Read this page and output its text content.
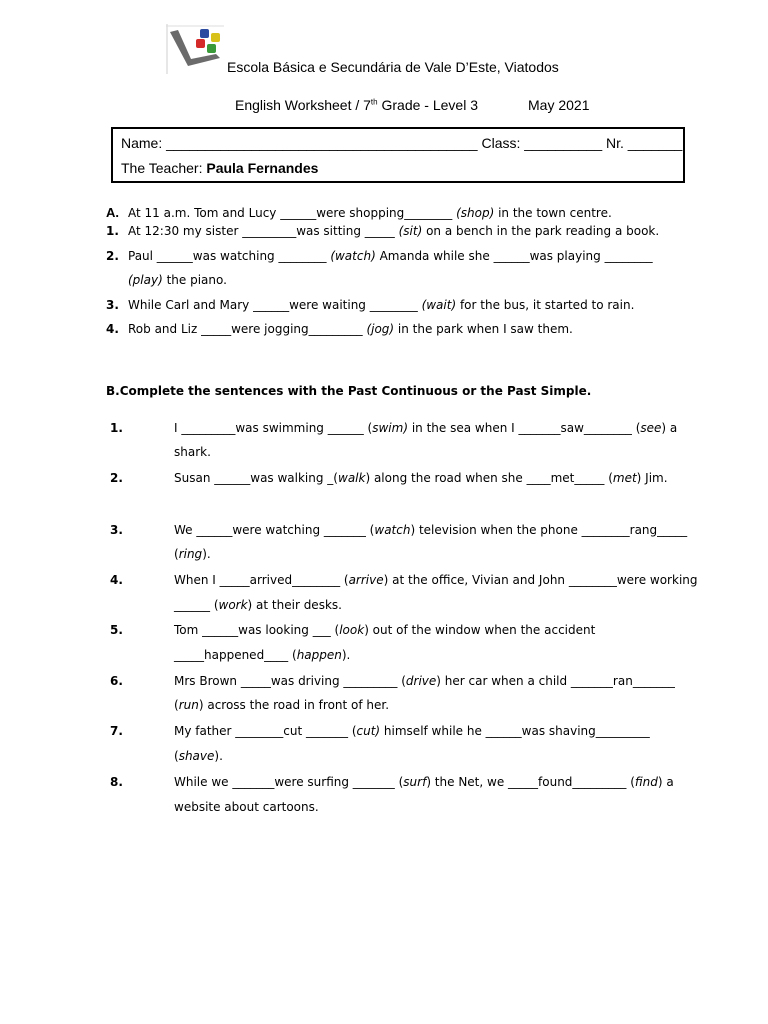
Escola Básica e Secundária de Vale D’Este, Viatodos
English Worksheet / 7th Grade - Level 3	May 2021
Name: ________________________________________ Class: __________ Nr. _______
The Teacher: Paula Fernandes
A. At 11 a.m. Tom and Lucy ______were shopping________ (shop) in the town centre.
1. At 12:30 my sister _________was sitting _____ (sit) on a bench in the park reading a book.
2. Paul ______was watching ________ (watch) Amanda while she ______was playing ________
(play) the piano.
3. While Carl and Mary ______were waiting ________ (wait) for the bus, it started to rain.
4. Rob and Liz _____were jogging_________ (jog) in the park when I saw them.
B.Complete the sentences with the Past Continuous or the Past Simple.
1.	I _________was swimming ______ (swim) in the sea when I _______saw________ (see) a
shark.
2.	Susan ______was walking _(walk) along the road when she ____met_____ (met) Jim.
3.	We ______were watching _______ (watch) television when the phone ________rang_____
(ring).
4.	When I _____arrived________ (arrive) at the office, Vivian and John ________were working
______ (work) at their desks.
5.	Tom ______was looking ___ (look) out of the window when the accident
_____happened____ (happen).
6.	Mrs Brown _____was driving _________ (drive) her car when a child _______ran_______
(run) across the road in front of her.
7.	My father ________cut _______ (cut) himself while he ______was shaving_________
(shave).
8.	While we _______were surfing _______ (surf) the Net, we _____found_________ (find) a
website about cartoons.
